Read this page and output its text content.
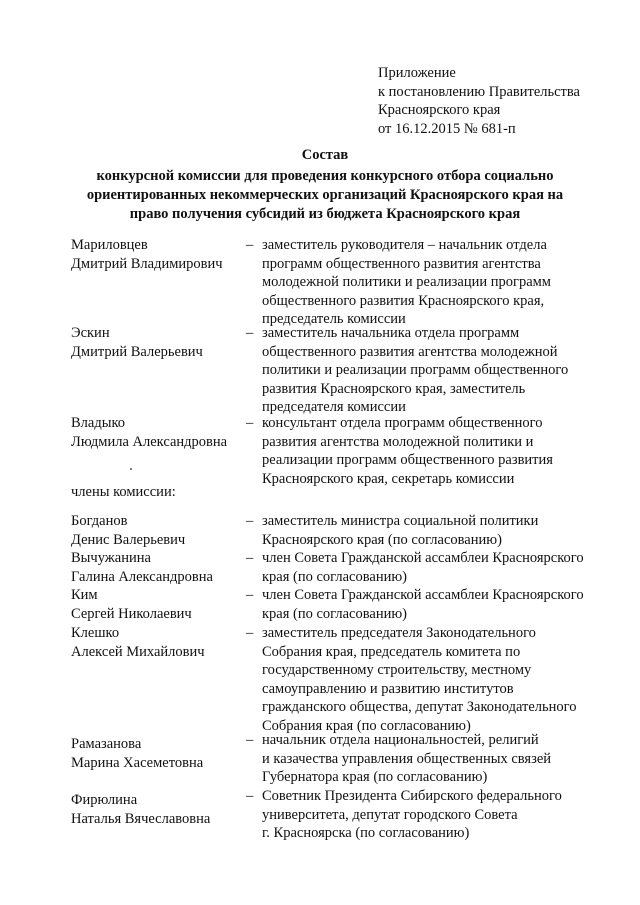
Приложение
к постановлению Правительства
Красноярского края
от 16.12.2015 № 681-п
Состав
конкурсной комиссии для проведения конкурсного отбора социально
ориентированных некоммерческих организаций Красноярского края на
право получения субсидий из бюджета Красноярского края
Мариловцев
Дмитрий Владимирович
– заместитель руководителя – начальник отдела
программ общественного развития агентства
молодежной политики и реализации программ
общественного развития Красноярского края,
председатель комиссии
Эскин
Дмитрий Валерьевич
– заместитель начальника отдела программ
общественного развития агентства молодежной
политики и реализации программ общественного
развития Красноярского края, заместитель
председателя комиссии
Владыко
Людмила Александровна
– консультант отдела программ общественного
развития агентства молодежной политики и
реализации программ общественного развития
Красноярского края, секретарь комиссии
члены комиссии:
Богданов
Денис Валерьевич
– заместитель министра социальной политики
Красноярского края (по согласованию)
Вычужанина
Галина Александровна
– член Совета Гражданской ассамблеи Красноярского
края (по согласованию)
Ким
Сергей Николаевич
– член Совета Гражданской ассамблеи Красноярского
края (по согласованию)
Клешко
Алексей Михайлович
– заместитель председателя Законодательного
Собрания края, председатель комитета по
государственному строительству, местному
самоуправлению и развитию институтов
гражданского общества, депутат Законодательного
Собрания края (по согласованию)
Рамазанова
Марина Хасеметовна
– начальник отдела национальностей, религий
и казачества управления общественных связей
Губернатора края (по согласованию)
Фирюлина
Наталья Вячеславовна
– Советник Президента Сибирского федерального
университета, депутат городского Совета
г. Красноярска (по согласованию)
